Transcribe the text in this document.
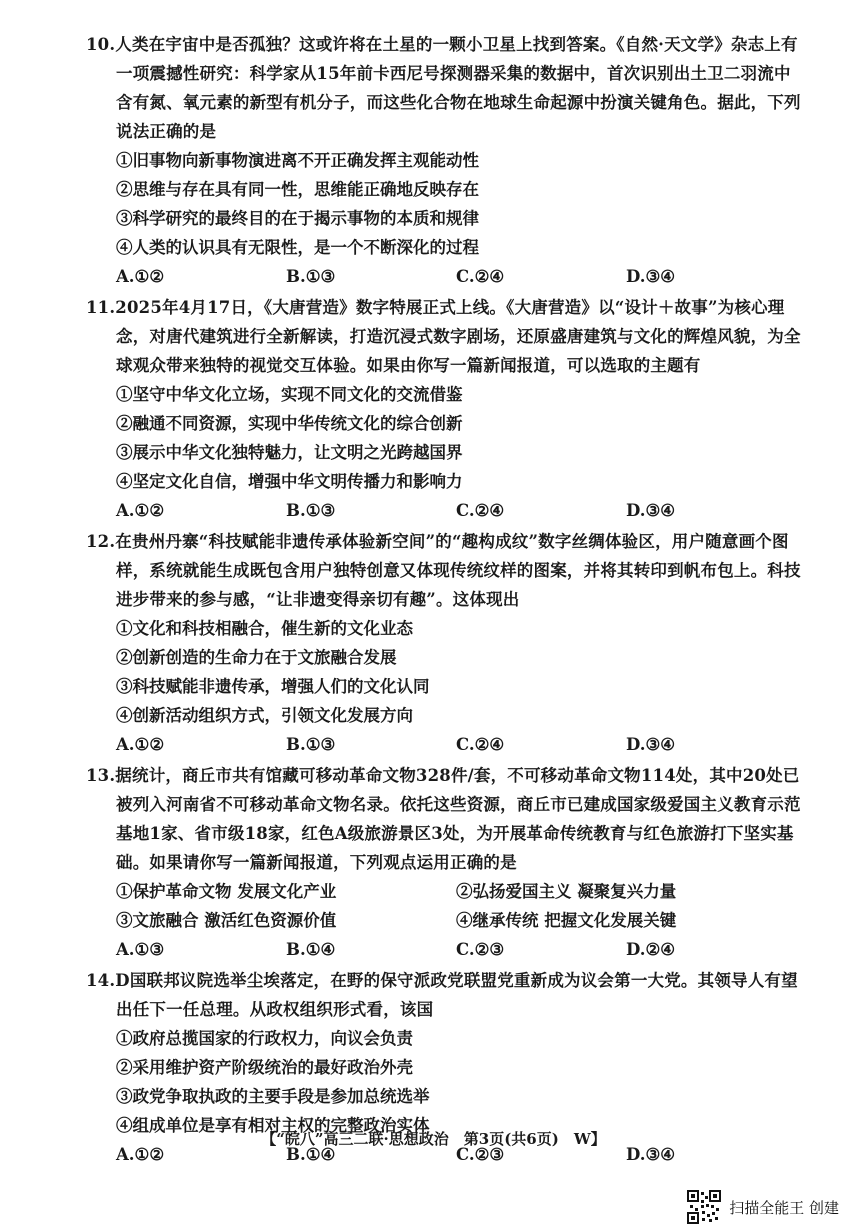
10.人类在宇宙中是否孤独？这或许将在土星的一颗小卫星上找到答案。《自然·天文学》杂志上有一项震撼性研究：科学家从15年前卡西尼号探测器采集的数据中，首次识别出土卫二羽流中含有氮、氧元素的新型有机分子，而这些化合物在地球生命起源中扮演关键角色。据此，下列说法正确的是
①旧事物向新事物演进离不开正确发挥主观能动性
②思维与存在具有同一性，思维能正确地反映存在
③科学研究的最终目的在于揭示事物的本质和规律
④人类的认识具有无限性，是一个不断深化的过程
A.①②	B.①③	C.②④	D.③④
11.2025年4月17日，《大唐营造》数字特展正式上线。《大唐营造》以“设计＋故事”为核心理念，对唐代建筑进行全新解读，打造沉浸式数字剧场，还原盛唐建筑与文化的辉煌风貌，为全球观众带来独特的视觉交互体验。如果由你写一篇新闻报道，可以选取的主题有
①坚守中华文化立场，实现不同文化的交流借鉴
②融通不同资源，实现中华传统文化的综合创新
③展示中华文化独特魅力，让文明之光跨越国界
④坚定文化自信，增强中华文明传播力和影响力
A.①②	B.①③	C.②④	D.③④
12.在贵州丹寨“科技赋能非遗传承体验新空间”的“趣构成纹”数字丝绸体验区，用户随意画个图样，系统就能生成既包含用户独特创意又体现传统纹样的图案，并将其转印到帆布包上。科技进步带来的参与感，“让非遗变得亲切有趣”。这体现出
①文化和科技相融合，催生新的文化业态
②创新创造的生命力在于文旅融合发展
③科技赋能非遗传承，增强人们的文化认同
④创新活动组织方式，引领文化发展方向
A.①②	B.①③	C.②④	D.③④
13.据统计，商丘市共有馆藏可移动革命文物328件/套，不可移动革命文物114处，其中20处已被列入河南省不可移动革命文物名录。依托这些资源，商丘市已建成国家级爱国主义教育示范基地1家、省市级18家，红色A级旅游景区3处，为开展革命传统教育与红色旅游打下坚实基础。如果请你写一篇新闻报道，下列观点运用正确的是
①保护革命文物 发展文化产业	②弘扬爱国主义 凝聚复兴力量
③文旅融合 激活红色资源价值	④继承传统 把握文化发展关键
A.①③	B.①④	C.②③	D.②④
14.D国联邦议院选举尘埃落定，在野的保守派政党联盟党重新成为议会第一大党。其领导人有望出任下一任总理。从政权组织形式看，该国
①政府总揽国家的行政权力，向议会负责
②采用维护资产阶级统治的最好政治外壳
③政党争取执政的主要手段是参加总统选举
④组成单位是享有相对主权的完整政治实体
A.①②	B.①④	C.②③	D.③④
【“皖八”高三二联·思想政治　第3页(共6页)　W】
扫描全能王 创建
